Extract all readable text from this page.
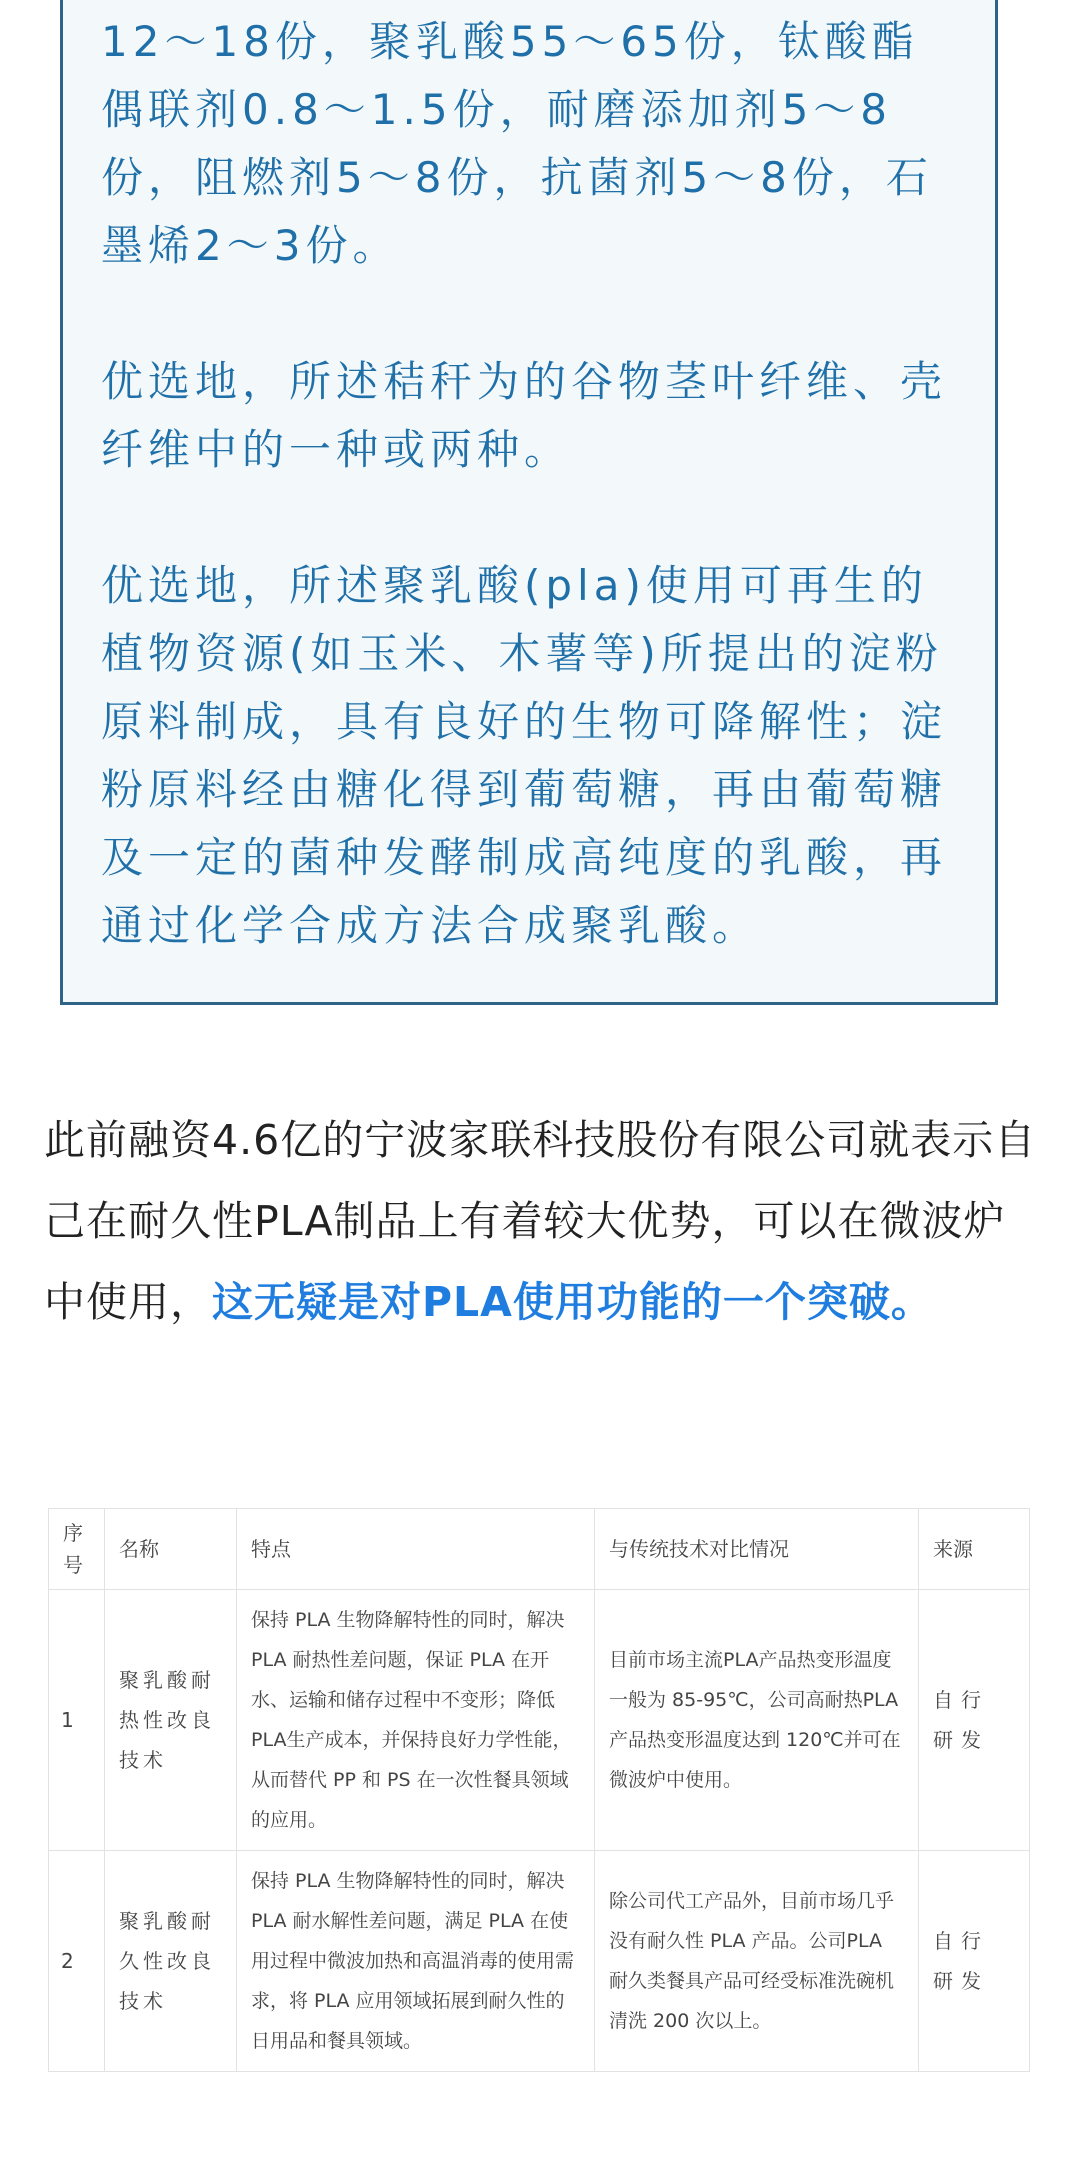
12～18份，聚乳酸55～65份，钛酸酯偶联剂0.8～1.5份，耐磨添加剂5～8份，阻燃剂5～8份，抗菌剂5～8份，石墨烯2～3份。

优选地，所述秸秆为的谷物茎叶纤维、壳纤维中的一种或两种。

优选地，所述聚乳酸(pla)使用可再生的植物资源(如玉米、木薯等)所提出的淀粉原料制成，具有良好的生物可降解性；淀粉原料经由糖化得到葡萄糖，再由葡萄糖及一定的菌种发酵制成高纯度的乳酸，再通过化学合成方法合成聚乳酸。

此前融资4.6亿的宁波家联科技股份有限公司就表示自己在耐久性PLA制品上有着较大优势，可以在微波炉中使用，这无疑是对PLA使用功能的一个突破。

序号	名称	特点	与传统技术对比情况	来源
1	聚乳酸耐热性改良技术	保持 PLA 生物降解特性的同时，解决PLA 耐热性差问题，保证 PLA 在开水、运输和储存过程中不变形；降低 PLA生产成本，并保持良好力学性能，从而替代 PP 和 PS 在一次性餐具领域的应用。	目前市场主流PLA产品热变形温度一般为 85-95℃，公司高耐热PLA 产品热变形温度达到 120℃并可在微波炉中使用。	自行研发
2	聚乳酸耐久性改良技术	保持 PLA 生物降解特性的同时，解决PLA 耐水解性差问题，满足 PLA 在使用过程中微波加热和高温消毒的使用需求，将 PLA 应用领域拓展到耐久性的日用品和餐具领域。	除公司代工产品外，目前市场几乎没有耐久性 PLA 产品。公司PLA 耐久类餐具产品可经受标准洗碗机清洗 200 次以上。	自行研发
